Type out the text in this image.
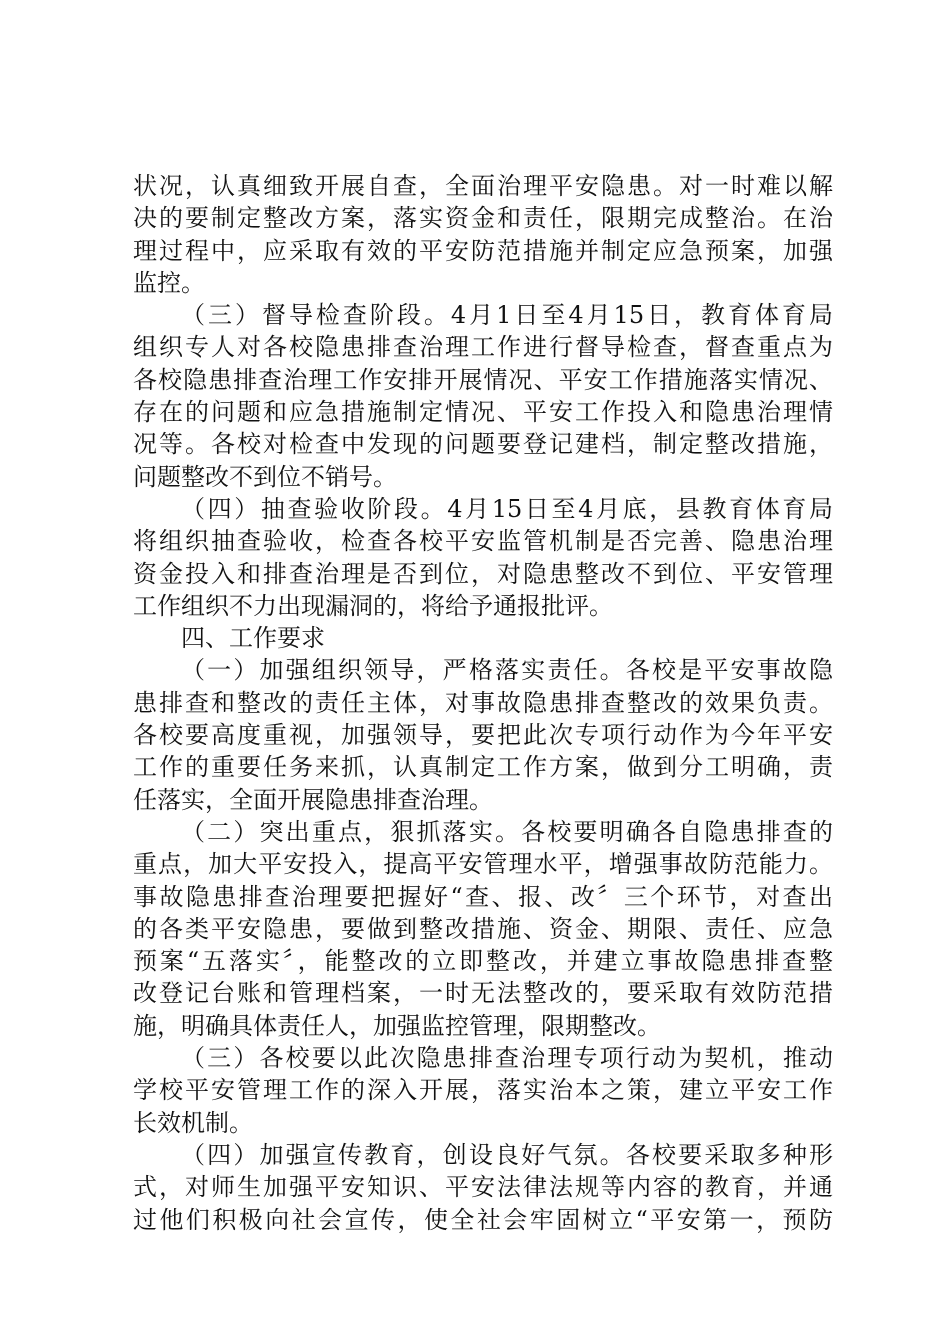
状况，认真细致开展自查，全面治理平安隐患。对一时难以解
决的要制定整改方案，落实资金和责任，限期完成整治。在治
理过程中，应采取有效的平安防范措施并制定应急预案，加强
监控。
（三）督导检查阶段。4月1日至4月15日，教育体育局
组织专人对各校隐患排查治理工作进行督导检查，督查重点为
各校隐患排查治理工作安排开展情况、平安工作措施落实情况、
存在的问题和应急措施制定情况、平安工作投入和隐患治理情
况等。各校对检查中发现的问题要登记建档，制定整改措施，
问题整改不到位不销号。
（四）抽查验收阶段。4月15日至4月底，县教育体育局
将组织抽查验收，检查各校平安监管机制是否完善、隐患治理
资金投入和排查治理是否到位，对隐患整改不到位、平安管理
工作组织不力出现漏洞的，将给予通报批评。
四、工作要求
（一）加强组织领导，严格落实责任。各校是平安事故隐
患排查和整改的责任主体，对事故隐患排查整改的效果负责。
各校要高度重视，加强领导，要把此次专项行动作为今年平安
工作的重要任务来抓，认真制定工作方案，做到分工明确，责
任落实，全面开展隐患排查治理。
（二）突出重点，狠抓落实。各校要明确各自隐患排查的
重点，加大平安投入，提高平安管理水平，增强事故防范能力。
事故隐患排查治理要把握好“查、报、改〞三个环节，对查出
的各类平安隐患，要做到整改措施、资金、期限、责任、应急
预案“五落实〞，能整改的立即整改，并建立事故隐患排查整
改登记台账和管理档案，一时无法整改的，要采取有效防范措
施，明确具体责任人，加强监控管理，限期整改。
（三）各校要以此次隐患排查治理专项行动为契机，推动
学校平安管理工作的深入开展，落实治本之策，建立平安工作
长效机制。
（四）加强宣传教育，创设良好气氛。各校要采取多种形
式，对师生加强平安知识、平安法律法规等内容的教育，并通
过他们积极向社会宣传，使全社会牢固树立“平安第一，预防
